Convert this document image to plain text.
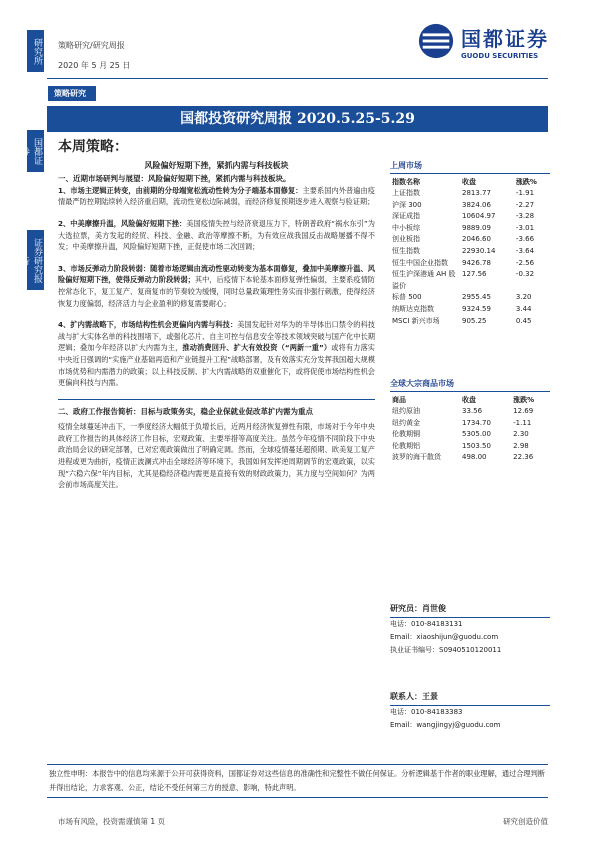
研究所
国都证券
证券研究报告
策略研究/研究周报
2020 年 5 月 25 日
国都证券
GUODU SECURITIES
策略研究
国都投资研究周报 2020.5.25-5.29
本周策略：
风险偏好短期下挫，紧抓内需与科技板块
一、近期市场研判与展望：风险偏好短期下挫，紧抓内需与科技板块。

1、市场主逻辑正转变，由前期的分母端宽松流动性转为分子端基本面修复：主要系国内外普遍由疫情最严防控期陆续转入经济重启期，流动性宽松边际减弱，而经济修复预期逐步进入观察与验证期；

2、中美摩擦升温，风险偏好短期下挫：美国疫情失控与经济衰退压力下，特朗普政府“祸水东引”为大选拉票，美方发起的经贸、科技、金融、政治等摩擦不断，为有效应战我国反击战略屡播不得不发；中美摩擦升温，风险偏好短期下挫，正促使市场二次回调；

3、市场反弹动力阶段转弱：随着市场逻辑由流动性驱动转变为基本面修复，叠加中美摩擦升温、风险偏好短期下挫，使得反弹动力阶段转弱；其中，后疫情下本轮基本面修复弹性偏弱，主要系疫情防控常态化下，复工复产、复商复市的节奏较为缓慢，同时总量政策理性务实而非强行刺激，使得经济恢复力度偏弱，经济活力与企业盈利的修复需要耐心；

4、扩内需战略下，市场结构性机会更偏向内需与科技：美国发起针对华为的半导体出口禁令的科技战与扩大实体名单的科技围堵下，或强化芯片、自主可控与信息安全等技术领域突破与国产化中长期逻辑；叠加今年经济以扩大内需为主，推动消费回升、扩大有效投资（“两新一重”）或将有力落实中央近日强调的“实施产业基础再造和产业链提升工程”战略部署，及有效落实充分发挥我国超大规模市场优势和内需潜力的政策；以上科技反制、扩大内需战略的双重催化下，或将促使市场结构性机会更偏向科技与内需。

二、政府工作报告简析：目标与政策务实，稳企业保就业促改革扩内需为重点

疫情全球蔓延冲击下，一季度经济大幅低于负增长后，近两月经济恢复弹性有限，市场对于今年中央政府工作报告的具体经济工作目标，宏观政策、主要举措等高度关注。虽然今年疫情不同阶段下中央政治局会议的研定部署，已对宏观政策做出了明确定调。然而，全球疫情蔓延超预期、欧美复工复产进程或更为曲折，疫情正波澜式冲击全球经济等环境下，我国如何发挥逆周期调节的宏观政策，以实现“六稳六保”年内目标，尤其是稳经济稳内需更是直接有效的财政政策力，其力度与空间如何？为两会前市场高度关注。

上周市场
指数名称	收盘	涨跌%
上证指数	2813.77	-1.91
沪深 300	3824.06	-2.27
深证成指	10604.97	-3.28
中小板综	9889.09	-3.01
创业板指	2046.60	-3.66
恒生指数	22930.14	-3.64
恒生中国企业指数	9426.78	-2.56
恒生沪深港通 AH 股溢价	127.56	-0.32
标普 500	2955.45	3.20
纳斯达克指数	9324.59	3.44
MSCI 新兴市场	905.25	0.45
全球大宗商品市场
商品	收盘	涨跌%
纽约原油	33.56	12.69
纽约黄金	1734.70	-1.11
伦教期铜	5305.00	2.30
伦教期铝	1503.50	2.98
波罗的海干散货	498.00	22.36
研究员：肖世俊
电话：010-84183131
Email：xiaoshijun@guodu.com
执业证书编号：S0940510120011
联系人：王景
电话：010-84183383
Email：wangjingyj@guodu.com
独立性申明：本报告中的信息均来源于公开可获得资料，国都证券对这些信息的准确性和完整性不做任何保证。分析逻辑基于作者的职业理解，通过合理判断并得出结论，力求客观、公正，结论不受任何第三方的授意、影响，特此声明。
市场有风险，投资需谨慎第 1 页	研究创造价值
